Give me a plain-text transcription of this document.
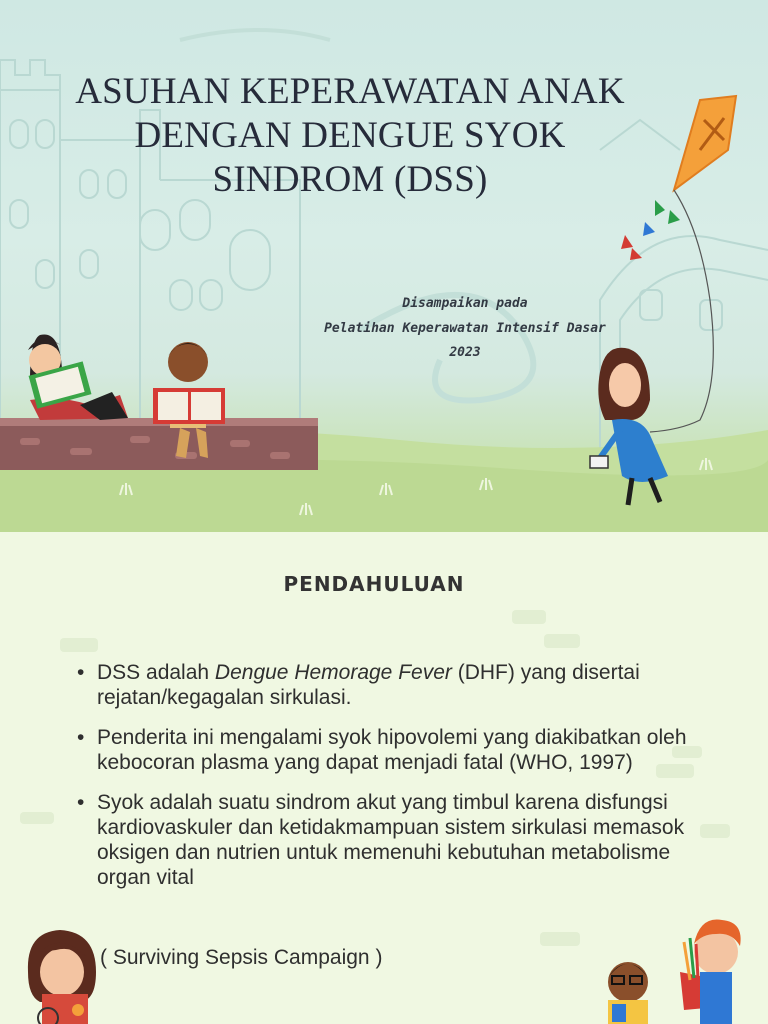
ASUHAN KEPERAWATAN ANAK
DENGAN DENGUE SYOK
SINDROM (DSS)
Disampaikan pada
Pelatihan Keperawatan Intensif Dasar
2023
PENDAHULUAN
• DSS adalah Dengue Hemorage Fever (DHF) yang disertai rejatan/kegagalan sirkulasi.
• Penderita ini mengalami syok hipovolemi yang diakibatkan oleh kebocoran plasma yang dapat menjadi fatal (WHO, 1997)
• Syok adalah suatu sindrom akut yang timbul karena disfungsi kardiovaskuler dan ketidakmampuan sistem sirkulasi memasok oksigen dan nutrien untuk memenuhi kebutuhan metabolisme organ vital
( Surviving Sepsis Campaign )
